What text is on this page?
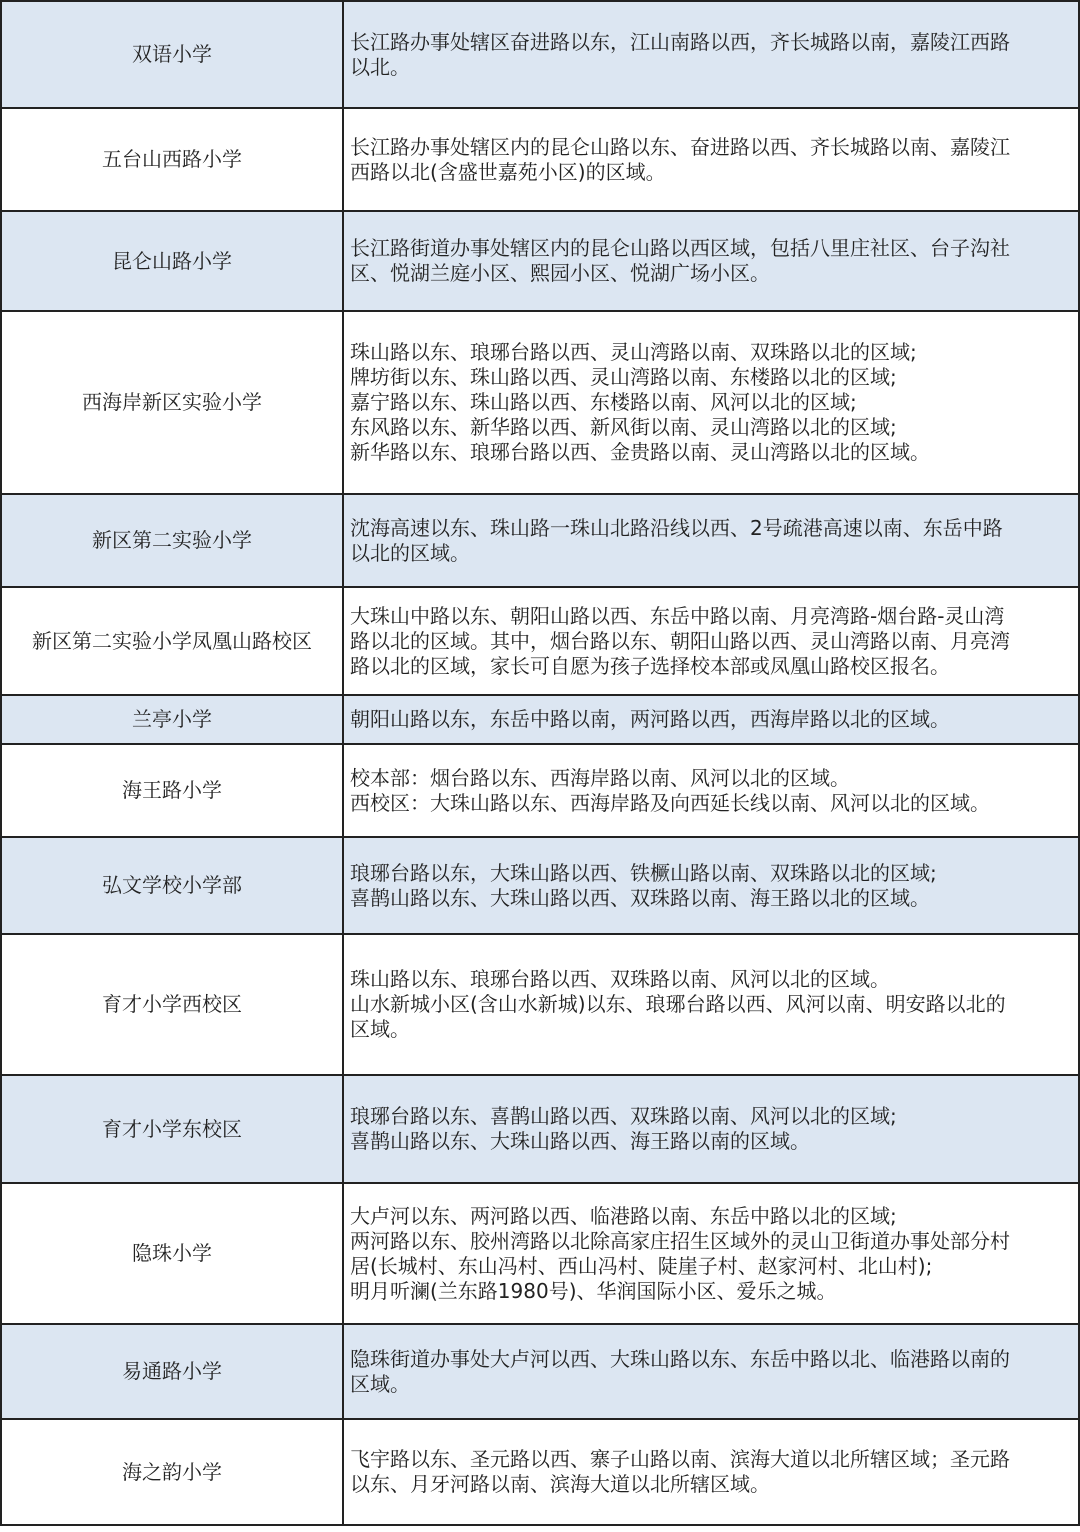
双语小学	长江路办事处辖区奋进路以东，江山南路以西，齐长城路以南，嘉陵江西路
以北。
五台山西路小学	长江路办事处辖区内的昆仑山路以东、奋进路以西、齐长城路以南、嘉陵江
西路以北(含盛世嘉苑小区)的区域。
昆仑山路小学	长江路街道办事处辖区内的昆仑山路以西区域，包括八里庄社区、台子沟社
区、悦湖兰庭小区、熙园小区、悦湖广场小区。
西海岸新区实验小学	珠山路以东、琅琊台路以西、灵山湾路以南、双珠路以北的区域;
牌坊街以东、珠山路以西、灵山湾路以南、东楼路以北的区域;
嘉宁路以东、珠山路以西、东楼路以南、风河以北的区域;
东风路以东、新华路以西、新风街以南、灵山湾路以北的区域;
新华路以东、琅琊台路以西、金贵路以南、灵山湾路以北的区域。
新区第二实验小学	沈海高速以东、珠山路一珠山北路沿线以西、2号疏港高速以南、东岳中路
以北的区域。
新区第二实验小学凤凰山路校区	大珠山中路以东、朝阳山路以西、东岳中路以南、月亮湾路-烟台路-灵山湾
路以北的区域。其中，烟台路以东、朝阳山路以西、灵山湾路以南、月亮湾
路以北的区域，家长可自愿为孩子选择校本部或凤凰山路校区报名。
兰亭小学	朝阳山路以东，东岳中路以南，两河路以西，西海岸路以北的区域。
海王路小学	校本部：烟台路以东、西海岸路以南、风河以北的区域。
西校区：大珠山路以东、西海岸路及向西延长线以南、风河以北的区域。
弘文学校小学部	琅琊台路以东，大珠山路以西、铁橛山路以南、双珠路以北的区域;
喜鹊山路以东、大珠山路以西、双珠路以南、海王路以北的区域。
育才小学西校区	珠山路以东、琅琊台路以西、双珠路以南、风河以北的区域。
山水新城小区(含山水新城)以东、琅琊台路以西、风河以南、明安路以北的
区域。
育才小学东校区	琅琊台路以东、喜鹊山路以西、双珠路以南、风河以北的区域;
喜鹊山路以东、大珠山路以西、海王路以南的区域。
隐珠小学	大卢河以东、两河路以西、临港路以南、东岳中路以北的区域;
两河路以东、胶州湾路以北除高家庄招生区域外的灵山卫街道办事处部分村
居(长城村、东山冯村、西山冯村、陡崖子村、赵家河村、北山村);
明月听澜(兰东路1980号)、华润国际小区、爱乐之城。
易通路小学	隐珠街道办事处大卢河以西、大珠山路以东、东岳中路以北、临港路以南的
区域。
海之韵小学	飞宇路以东、圣元路以西、寨子山路以南、滨海大道以北所辖区域；圣元路
以东、月牙河路以南、滨海大道以北所辖区域。
